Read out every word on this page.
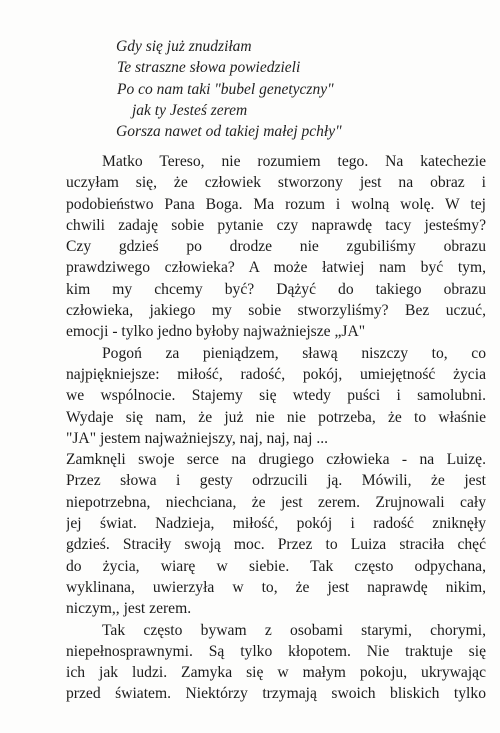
Gdy się już znudziłam
Te straszne słowa powiedzieli
Po co nam taki "bubel genetyczny"
jak ty Jesteś zerem
Gorsza nawet od takiej małej pchły"
Matko Tereso, nie rozumiem tego. Na katechezie
uczyłam się, że człowiek stworzony jest na obraz i
podobieństwo Pana Boga. Ma rozum i wolną wolę. W tej
chwili zadaję sobie pytanie czy naprawdę tacy jesteśmy?
Czy gdzieś po drodze nie zgubiliśmy obrazu
prawdziwego człowieka? A może łatwiej nam być tym,
kim my chcemy być? Dążyć do takiego obrazu
człowieka, jakiego my sobie stworzyliśmy? Bez uczuć,
emocji - tylko jedno byłoby najważniejsze „JA"
Pogoń za pieniądzem, sławą niszczy to, co
najpiękniejsze: miłość, radość, pokój, umiejętność życia
we wspólnocie. Stajemy się wtedy puści i samolubni.
Wydaje się nam, że już nie nie potrzeba, że to właśnie
"JA" jestem najważniejszy, naj, naj, naj ...
Zamknęli swoje serce na drugiego człowieka - na Luizę.
Przez słowa i gesty odrzucili ją. Mówili, że jest
niepotrzebna, niechciana, że jest zerem. Zrujnowali cały
jej świat. Nadzieja, miłość, pokój i radość zniknęły
gdzieś. Straciły swoją moc. Przez to Luiza straciła chęć
do życia, wiarę w siebie. Tak często odpychana,
wyklinana, uwierzyła w to, że jest naprawdę nikim,
niczym,, jest zerem.
Tak często bywam z osobami starymi, chorymi,
niepełnosprawnymi. Są tylko kłopotem. Nie traktuje się
ich jak ludzi. Zamyka się w małym pokoju, ukrywając
przed światem. Niektórzy trzymają swoich bliskich tylko
